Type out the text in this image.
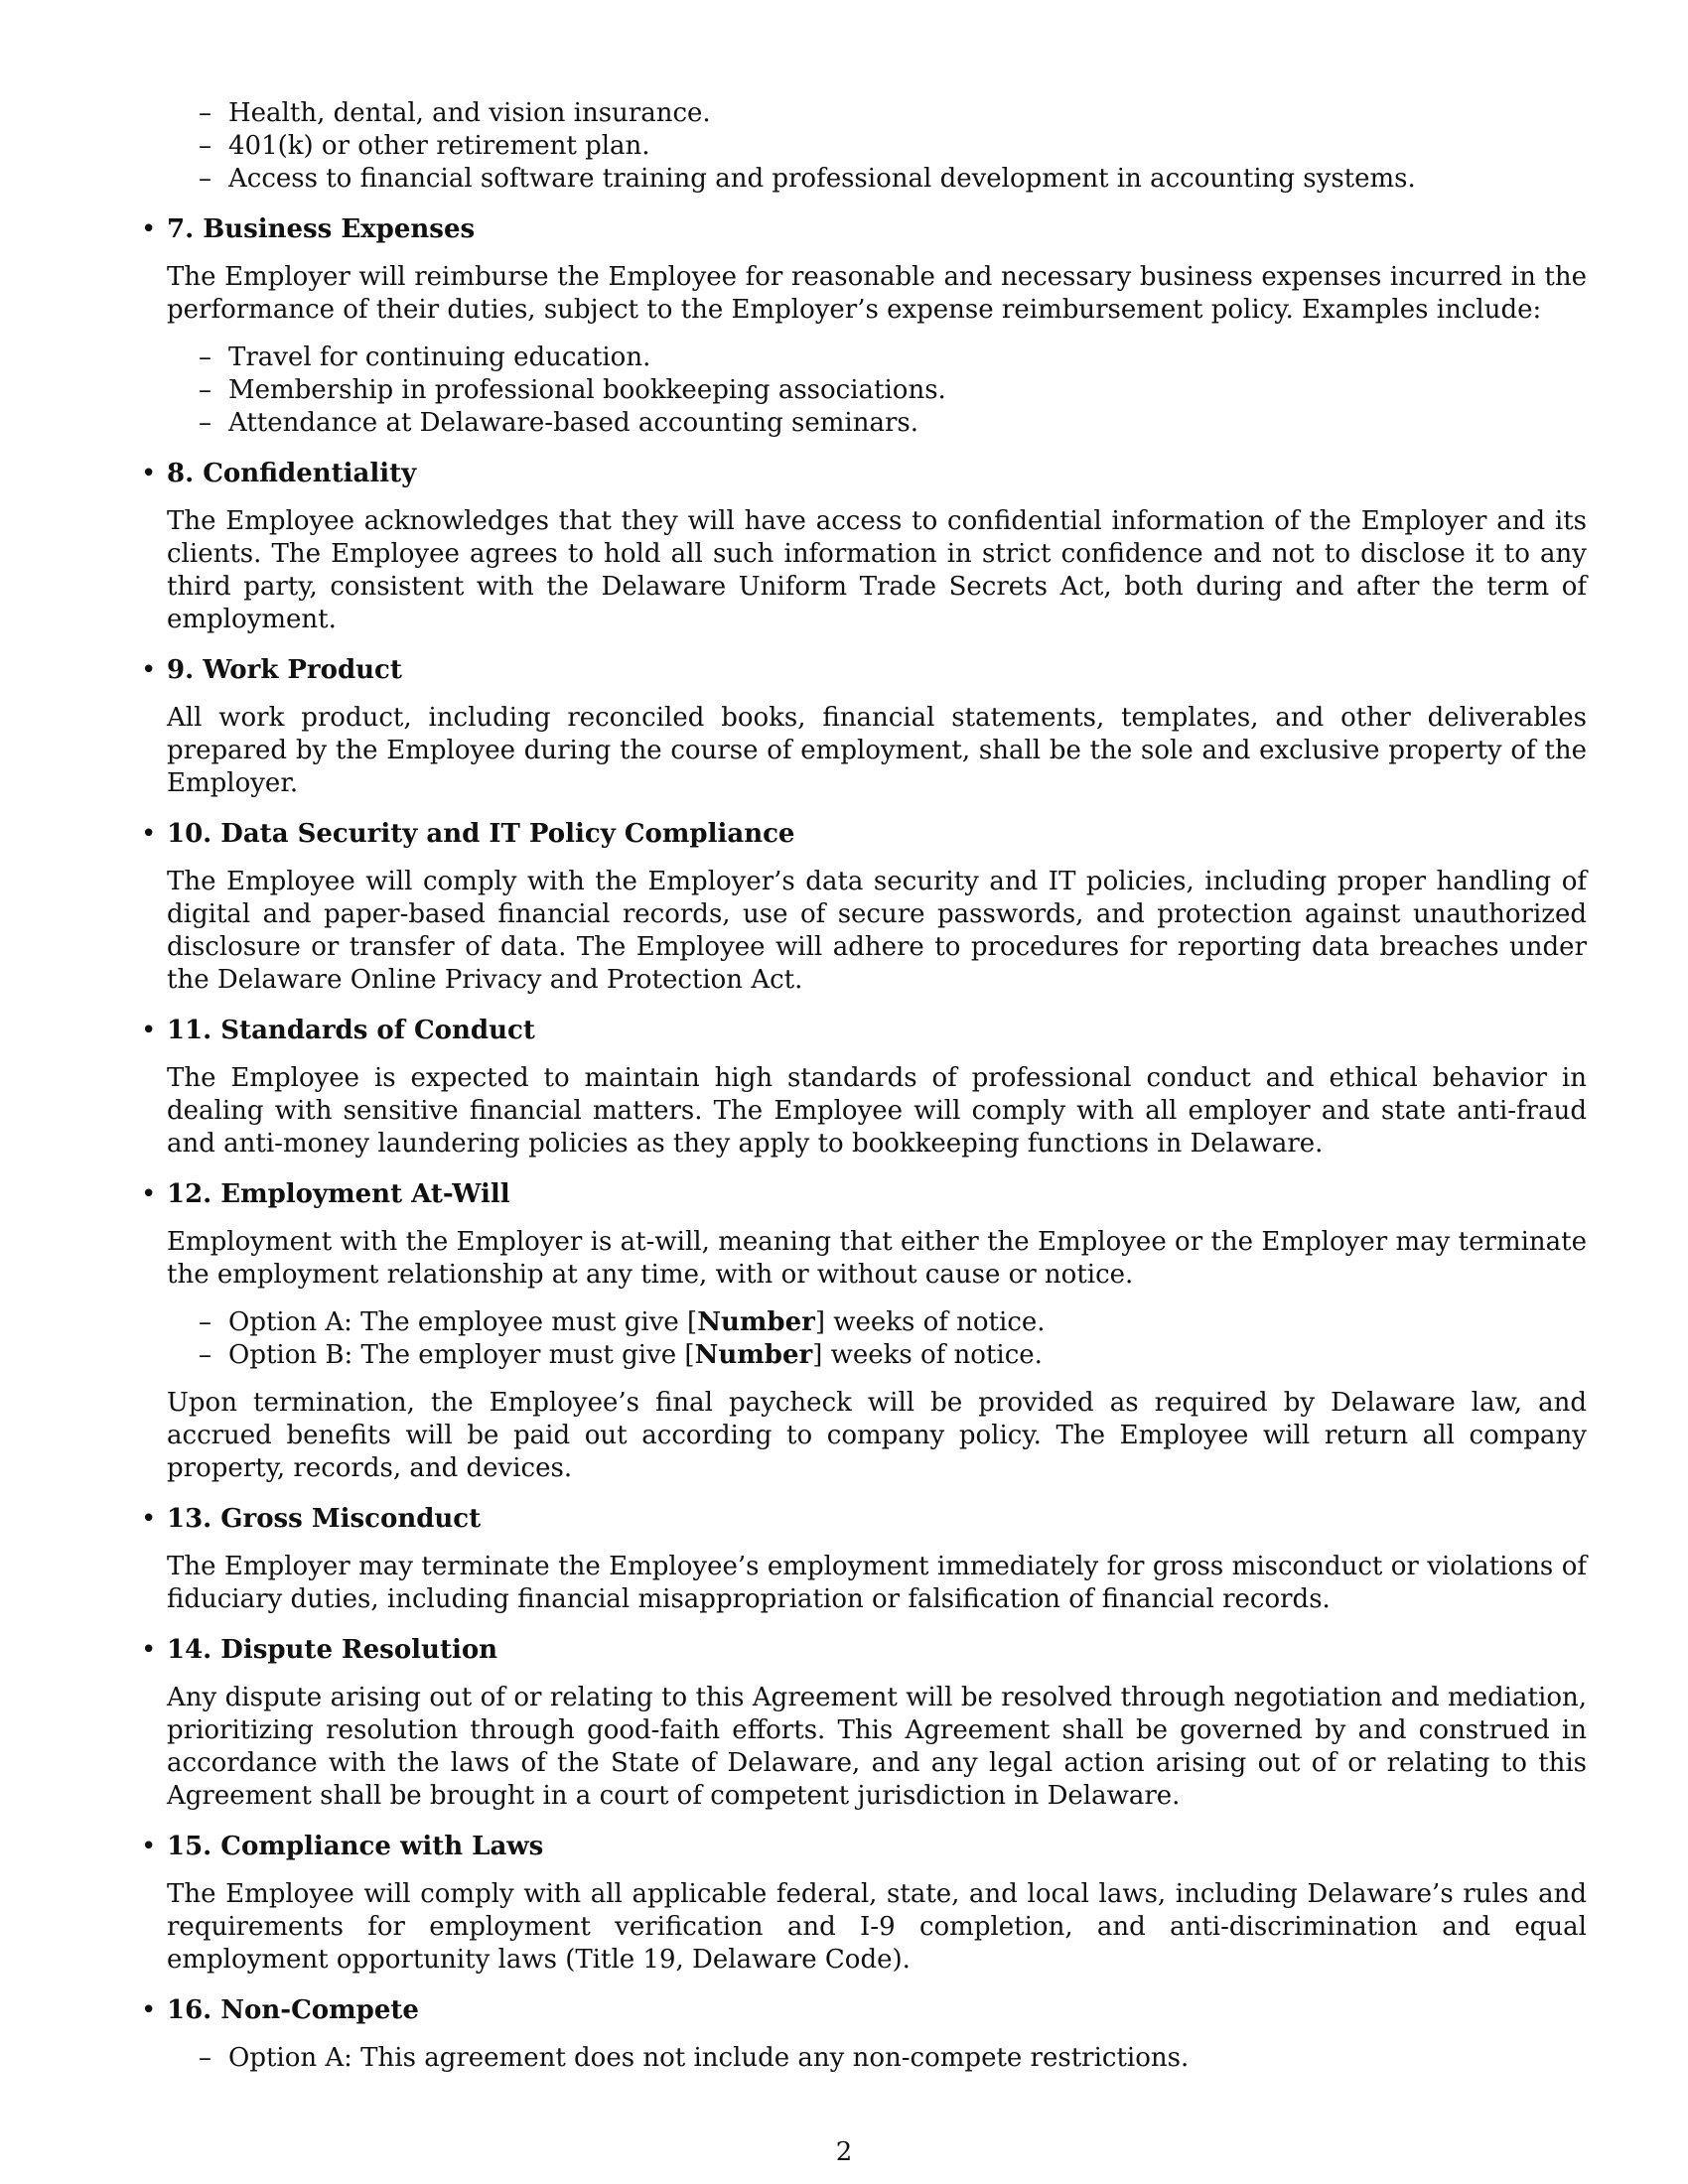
– Health, dental, and vision insurance.
– 401(k) or other retirement plan.
– Access to financial software training and professional development in accounting systems.
• 7. Business Expenses

The Employer will reimburse the Employee for reasonable and necessary business expenses incurred in the performance of their duties, subject to the Employer’s expense reimbursement policy. Examples include:

– Travel for continuing education.
– Membership in professional bookkeeping associations.
– Attendance at Delaware-based accounting seminars.
• 8. Confidentiality

The Employee acknowledges that they will have access to confidential information of the Employer and its clients. The Employee agrees to hold all such information in strict confidence and not to disclose it to any third party, consistent with the Delaware Uniform Trade Secrets Act, both during and after the term of employment.

• 9. Work Product

All work product, including reconciled books, financial statements, templates, and other deliverables prepared by the Employee during the course of employment, shall be the sole and exclusive property of the Employer.

• 10. Data Security and IT Policy Compliance

The Employee will comply with the Employer’s data security and IT policies, including proper handling of digital and paper-based financial records, use of secure passwords, and protection against unauthorized disclosure or transfer of data. The Employee will adhere to procedures for reporting data breaches under the Delaware Online Privacy and Protection Act.

• 11. Standards of Conduct

The Employee is expected to maintain high standards of professional conduct and ethical behavior in dealing with sensitive financial matters. The Employee will comply with all employer and state anti-fraud and anti-money laundering policies as they apply to bookkeeping functions in Delaware.

• 12. Employment At-Will

Employment with the Employer is at-will, meaning that either the Employee or the Employer may terminate the employment relationship at any time, with or without cause or notice.

– Option A: The employee must give [Number] weeks of notice.
– Option B: The employer must give [Number] weeks of notice.

Upon termination, the Employee’s final paycheck will be provided as required by Delaware law, and accrued benefits will be paid out according to company policy. The Employee will return all company property, records, and devices.

• 13. Gross Misconduct

The Employer may terminate the Employee’s employment immediately for gross misconduct or violations of fiduciary duties, including financial misappropriation or falsification of financial records.

• 14. Dispute Resolution

Any dispute arising out of or relating to this Agreement will be resolved through negotiation and mediation, prioritizing resolution through good-faith efforts. This Agreement shall be governed by and construed in accordance with the laws of the State of Delaware, and any legal action arising out of or relating to this Agreement shall be brought in a court of competent jurisdiction in Delaware.

• 15. Compliance with Laws

The Employee will comply with all applicable federal, state, and local laws, including Delaware’s rules and requirements for employment verification and I-9 completion, and anti-discrimination and equal employment opportunity laws (Title 19, Delaware Code).

• 16. Non-Compete
– Option A: This agreement does not include any non-compete restrictions.
2
